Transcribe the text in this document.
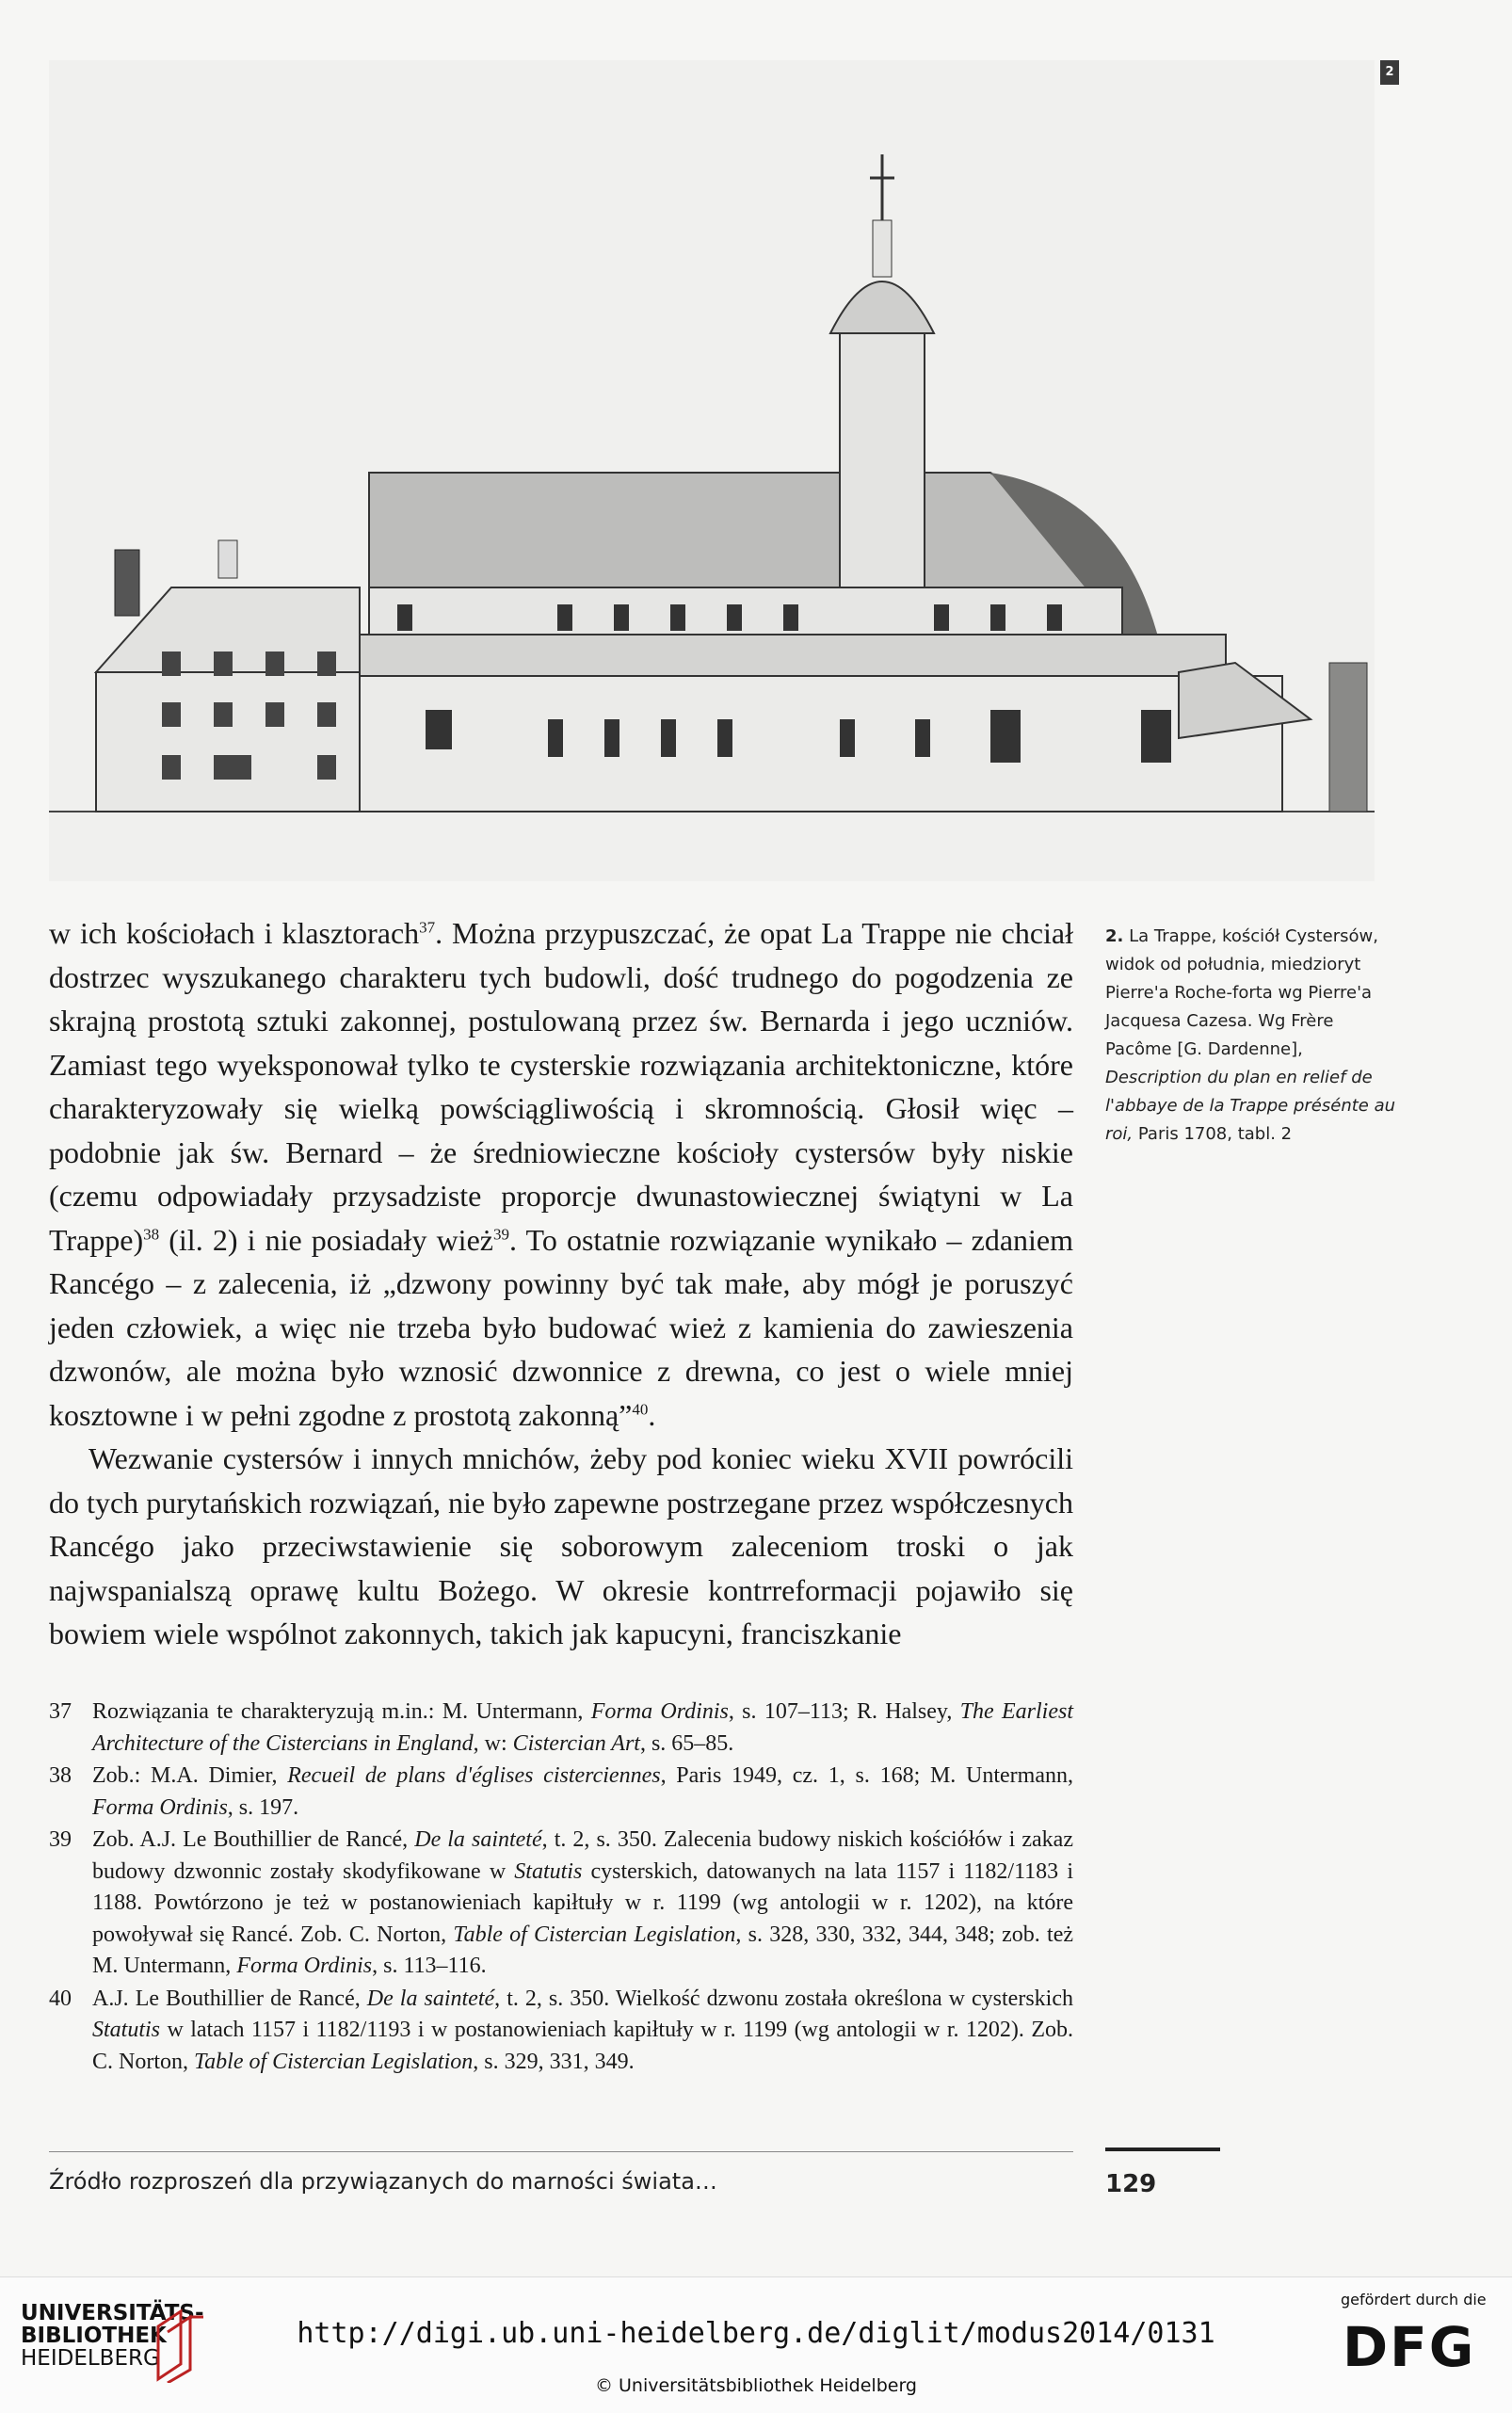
2
2. La Trappe, kościół Cystersów, widok od południa, miedzioryt Pierre'a Roche-forta wg Pierre'a Jacquesa Cazesa. Wg Frère Pacôme [G. Dardenne], Description du plan en relief de l'abbaye de la Trappe présénte au roi, Paris 1708, tabl. 2

w ich kościołach i klasztorach$^{37}$. Można przypuszczać, że opat La Trappe nie chciał dostrzec wyszukanego charakteru tych budowli, dość trudnego do pogodzenia ze skrajną prostotą sztuki zakonnej, postulowaną przez św. Bernarda i jego uczniów. Zamiast tego wyeksponował tylko te cysterskie rozwiązania architektoniczne, które charakteryzowały się wielką powściągliwością i skromnością. Głosił więc – podobnie jak św. Bernard – że średniowieczne kościoły cystersów były niskie (czemu odpowiadały przysadziste proporcje dwunastowiecznej świątyni w La Trappe)$^{38}$ (il. 2) i nie posiadały wież$^{39}$. To ostatnie rozwiązanie wynikało – zdaniem Rancégo – z zalecenia, iż „dzwony powinny być tak małe, aby mógł je poruszyć jeden człowiek, a więc nie trzeba było budować wież z kamienia do zawieszenia dzwonów, ale można było wznosić dzwonnice z drewna, co jest o wiele mniej kosztowne i w pełni zgodne z prostotą zakonną”$^{40}$.

Wezwanie cystersów i innych mnichów, żeby pod koniec wieku XVII powrócili do tych purytańskich rozwiązań, nie było zapewne postrzegane przez współczesnych Rancégo jako przeciwstawienie się soborowym zaleceniom troski o jak najwspanialszą oprawę kultu Bożego. W okresie kontrreformacji pojawiło się bowiem wiele wspólnot zakonnych, takich jak kapucyni, franciszkanie

37 Rozwiązania te charakteryzują m.in.: M. Untermann, Forma Ordinis, s. 107–113; R. Halsey, The Earliest Architecture of the Cistercians in England, w: Cistercian Art, s. 65–85.
38 Zob.: M.A. Dimier, Recueil de plans d'églises cisterciennes, Paris 1949, cz. 1, s. 168; M. Untermann, Forma Ordinis, s. 197.
39 Zob. A.J. Le Bouthillier de Rancé, De la sainteté, t. 2, s. 350. Zalecenia budowy niskich kościółów i zakaz budowy dzwonnic zostały skodyfikowane w Statutis cysterskich, datowanych na lata 1157 i 1182/1183 i 1188. Powtórzono je też w postanowieniach kapiłtuły w r. 1199 (wg antologii w r. 1202), na które powoływał się Rancé. Zob. C. Norton, Table of Cistercian Legislation, s. 328, 330, 332, 344, 348; zob. też M. Untermann, Forma Ordinis, s. 113–116.
40 A.J. Le Bouthillier de Rancé, De la sainteté, t. 2, s. 350. Wielkość dzwonu została określona w cysterskich Statutis w latach 1157 i 1182/1193 i w postanowieniach kapiłtuły w r. 1199 (wg antologii w r. 1202). Zob. C. Norton, Table of Cistercian Legislation, s. 329, 331, 349.
Źródło rozproszeń dla przywiązanych do marności świata…	129
UNIVERSITÄTS-
BIBLIOTHEK
HEIDELBERG
http://digi.ub.uni-heidelberg.de/diglit/modus2014/0131
© Universitätsbibliothek Heidelberg
gefördert durch die
DFG
